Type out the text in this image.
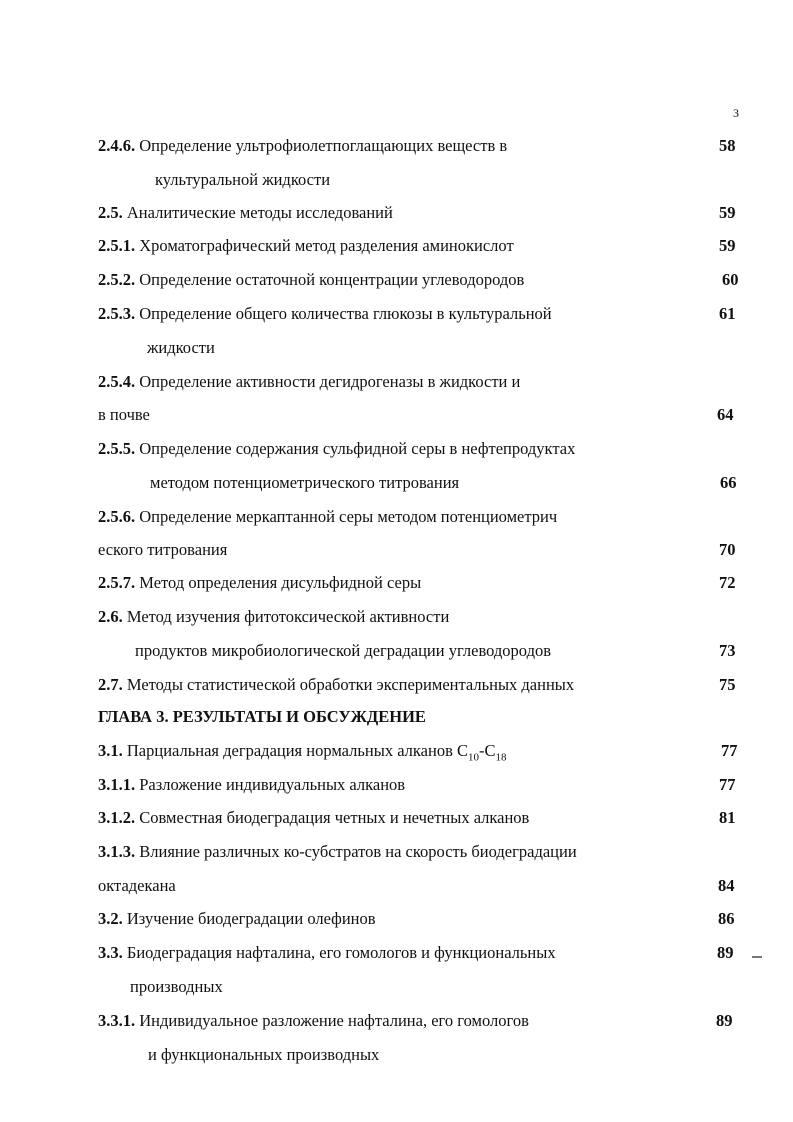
3
2.4.6. Определение ультрофиолетпоглащающих веществ в	58
культуральной жидкости
2.5. Аналитические методы исследований	59
2.5.1. Хроматографический метод разделения аминокислот	59
2.5.2. Определение остаточной концентрации углеводородов	60
2.5.3. Определение общего количества глюкозы в культуральной	61
жидкости
2.5.4. Определение активности дегидрогеназы в жидкости и
в почве	64
2.5.5. Определение содержания сульфидной серы в нефтепродуктах
методом потенциометрического титрования	66
2.5.6. Определение меркаптанной серы методом потенциометрич
еского титрования	70
2.5.7. Метод определения дисульфидной серы	72
2.6. Метод изучения фитотоксической активности
продуктов микробиологической деградации углеводородов	73
2.7. Методы статистической обработки экспериментальных данных	75
ГЛАВА 3. РЕЗУЛЬТАТЫ И ОБСУЖДЕНИЕ
3.1. Парциальная деградация нормальных алканов $С_{10}-С_{18}$	77
3.1.1. Разложение индивидуальных алканов	77
3.1.2. Совместная биодеградация четных и нечетных алканов	81
3.1.3. Влияние различных ко-субстратов на скорость биодеградации
октадекана	84
3.2. Изучение биодеградации олефинов	86
3.3. Биодеградация нафталина, его гомологов и функциональных	89
производных
3.3.1. Индивидуальное разложение нафталина, его гомологов	89
и функциональных производных
